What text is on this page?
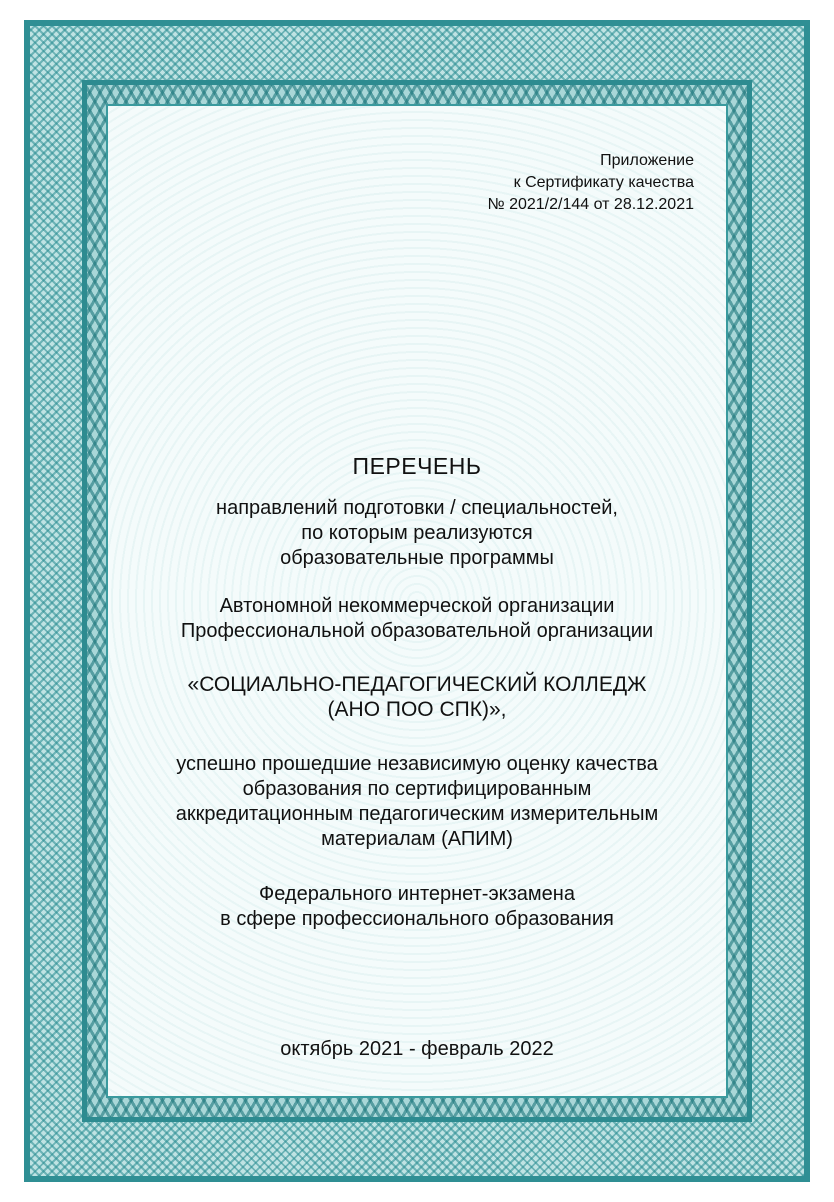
Приложение
к Сертификату качества
№ 2021/2/144 от 28.12.2021
ПЕРЕЧЕНЬ
направлений подготовки / специальностей,
по которым реализуются
образовательные программы
Автономной некоммерческой организации
Профессиональной образовательной организации
«СОЦИАЛЬНО-ПЕДАГОГИЧЕСКИЙ КОЛЛЕДЖ
(АНО ПОО СПК)»,
успешно прошедшие независимую оценку качества
образования по сертифицированным
аккредитационным педагогическим измерительным
материалам (АПИМ)
Федерального интернет-экзамена
в сфере профессионального образования
октябрь 2021 - февраль 2022
